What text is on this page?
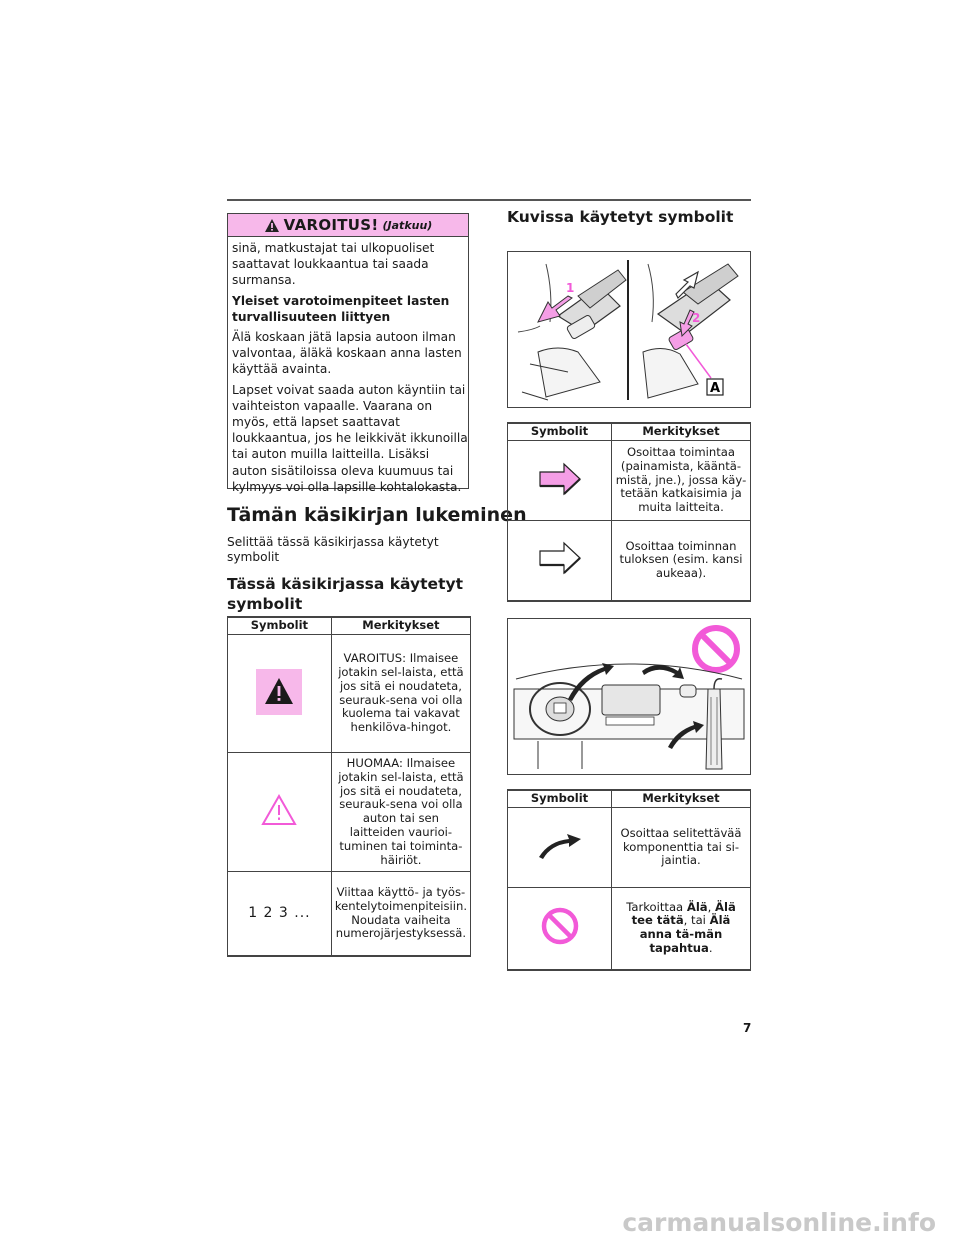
VAROITUS! (Jatkuu)

sinä, matkustajat tai ulkopuoliset saattavat loukkaantua tai saada surmansa.

Yleiset varotoimenpiteet lasten turvallisuuteen liittyen

Älä koskaan jätä lapsia autoon ilman valvontaa, äläkä koskaan anna lasten käyttää avainta.

Lapset voivat saada auton käyntiin tai vaihteiston vapaalle. Vaarana on myös, että lapset saattavat loukkaantua, jos he leikkivät ikkunoilla tai auton muilla laitteilla. Lisäksi auton sisätiloissa oleva kuumuus tai kylmyys voi olla lapsille kohtalokasta.

Tämän käsikirjan lukeminen

Selittää tässä käsikirjassa käytetyt symbolit

Tässä käsikirjassa käytetyt symbolit
Symbolit	Merkitykset
	VAROITUS: Ilmaisee jotakin sel-laista, että jos sitä ei noudateta, seurauk-sena voi olla kuolema tai vakavat henkilöva-hingot.
	HUOMAA: Ilmaisee jotakin sel-laista, että jos sitä ei noudateta, seurauk-sena voi olla auton tai sen laitteiden vaurioi-tuminen tai toiminta-häiriöt.
1 2 3 ...	Viittaa käyttö- ja työs-kentelytoimenpiteisiin. Noudata vaiheita numerojärjestyksessä.
Kuvissa käytetyt symbolit
1
2
A
Symbolit	Merkitykset
	Osoittaa toimintaa (painamista, kääntä-mistä, jne.), jossa käy-tetään katkaisimia ja muita laitteita.
	Osoittaa toiminnan tuloksen (esim. kansi aukeaa).
Symbolit	Merkitykset
	Osoittaa selitettävää komponenttia tai si-jaintia.
	Tarkoittaa Älä, Älä tee tätä, tai Älä anna tä-män tapahtua.
7
carmanualsonline.info
